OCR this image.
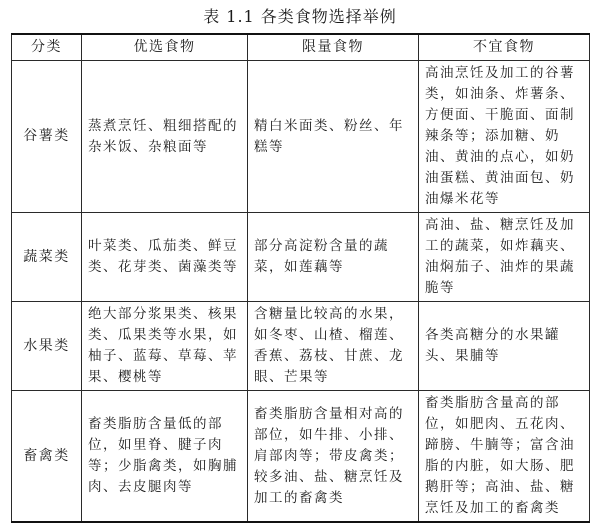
表 1.1 各类食物选择举例
分类	优选食物	限量食物	不宜食物
谷薯类	蒸煮烹饪、粗细搭配的杂米饭、杂粮面等	精白米面类、粉丝、年糕等	高油烹饪及加工的谷薯类，如油条、炸薯条、方便面、干脆面、面制辣条等；添加糖、奶油、黄油的点心，如奶油蛋糕、黄油面包、奶油爆米花等
蔬菜类	叶菜类、瓜茄类、鲜豆类、花芽类、菌藻类等	部分高淀粉含量的蔬菜，如莲藕等	高油、盐、糖烹饪及加工的蔬菜，如炸藕夹、油焖茄子、油炸的果蔬脆等
水果类	绝大部分浆果类、核果类、瓜果类等水果，如柚子、蓝莓、草莓、苹果、樱桃等	含糖量比较高的水果，如冬枣、山楂、榴莲、香蕉、荔枝、甘蔗、龙眼、芒果等	各类高糖分的水果罐头、果脯等
畜禽类	畜类脂肪含量低的部位，如里脊、腱子肉等；少脂禽类，如胸脯肉、去皮腿肉等	畜类脂肪含量相对高的部位，如牛排、小排、肩部肉等；带皮禽类；较多油、盐、糖烹饪及加工的畜禽类	畜类脂肪含量高的部位，如肥肉、五花肉、蹄膀、牛腩等；富含油脂的内脏，如大肠、肥鹅肝等；高油、盐、糖烹饪及加工的畜禽类
